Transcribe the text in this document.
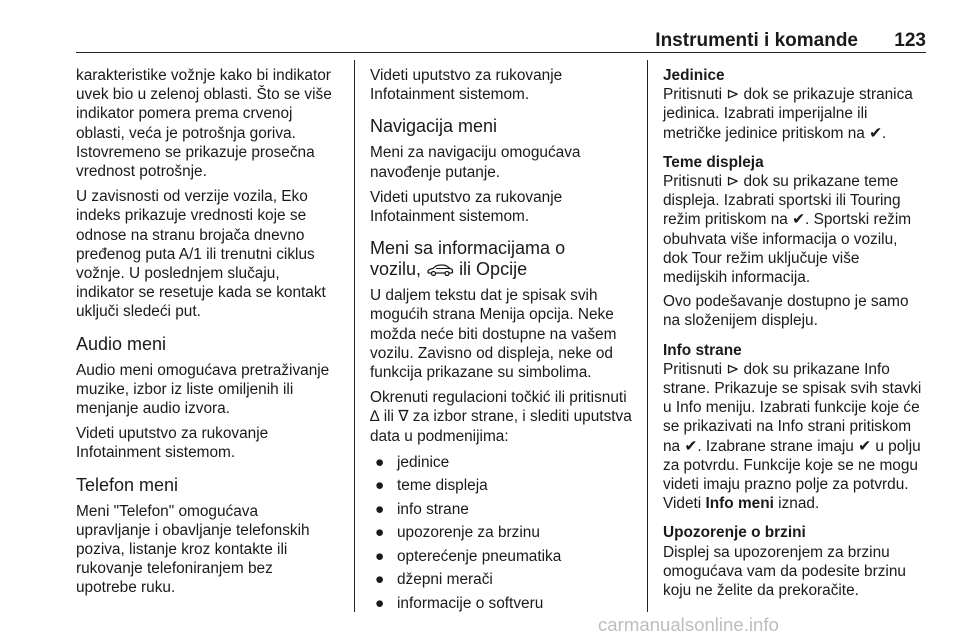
Instrumenti i komande 123

karakteristike vožnje kako bi indikator
uvek bio u zelenoj oblasti. Što se više
indikator pomera prema crvenoj
oblasti, veća je potrošnja goriva.
Istovremeno se prikazuje prosečna
vrednost potrošnje.

U zavisnosti od verzije vozila, Eko
indeks prikazuje vrednosti koje se
odnose na stranu brojača dnevno
pređenog puta A/1 ili trenutni ciklus
vožnje. U poslednjem slučaju,
indikator se resetuje kada se kontakt
uključi sledeći put.

Audio meni

Audio meni omogućava pretraživanje
muzike, izbor iz liste omiljenih ili
menjanje audio izvora.

Videti uputstvo za rukovanje
Infotainment sistemom.

Telefon meni

Meni "Telefon" omogućava
upravljanje i obavljanje telefonskih
poziva, listanje kroz kontakte ili
rukovanje telefoniranjem bez
upotrebe ruku.

Videti uputstvo za rukovanje
Infotainment sistemom.

Navigacija meni

Meni za navigaciju omogućava
navođenje putanje.

Videti uputstvo za rukovanje
Infotainment sistemom.

Meni sa informacijama o
vozilu, ili Opcije

U daljem tekstu dat je spisak svih
mogućih strana Menija opcija. Neke
možda neće biti dostupne na vašem
vozilu. Zavisno od displeja, neke od
funkcija prikazane su simbolima.

Okrenuti regulacioni točkić ili pritisnuti
∆ ili ∇ za izbor strane, i slediti uputstva
data u podmenijima:

● jedinice
● teme displeja
● info strane
● upozorenje za brzinu
● opterećenje pneumatika
● džepni merači
● informacije o softveru
Jedinice
Pritisnuti ⊳ dok se prikazuje stranica
jedinica. Izabrati imperijalne ili
metričke jedinice pritiskom na ✔.
Teme displeja
Pritisnuti ⊳ dok su prikazane teme
displeja. Izabrati sportski ili Touring
režim pritiskom na ✔. Sportski režim
obuhvata više informacija o vozilu,
dok Tour režim uključuje više
medijskih informacija.

Ovo podešavanje dostupno je samo
na složenijem displeju.

Info strane
Pritisnuti ⊳ dok su prikazane Info
strane. Prikazuje se spisak svih stavki
u Info meniju. Izabrati funkcije koje će
se prikazivati na Info strani pritiskom
na ✔. Izabrane strane imaju ✔ u polju
za potvrdu. Funkcije koje se ne mogu
videti imaju prazno polje za potvrdu.
Videti Info meni iznad.
Upozorenje o brzini
Displej sa upozorenjem za brzinu
omogućava vam da podesite brzinu
koju ne želite da prekoračite.
carmanualsonline.info
